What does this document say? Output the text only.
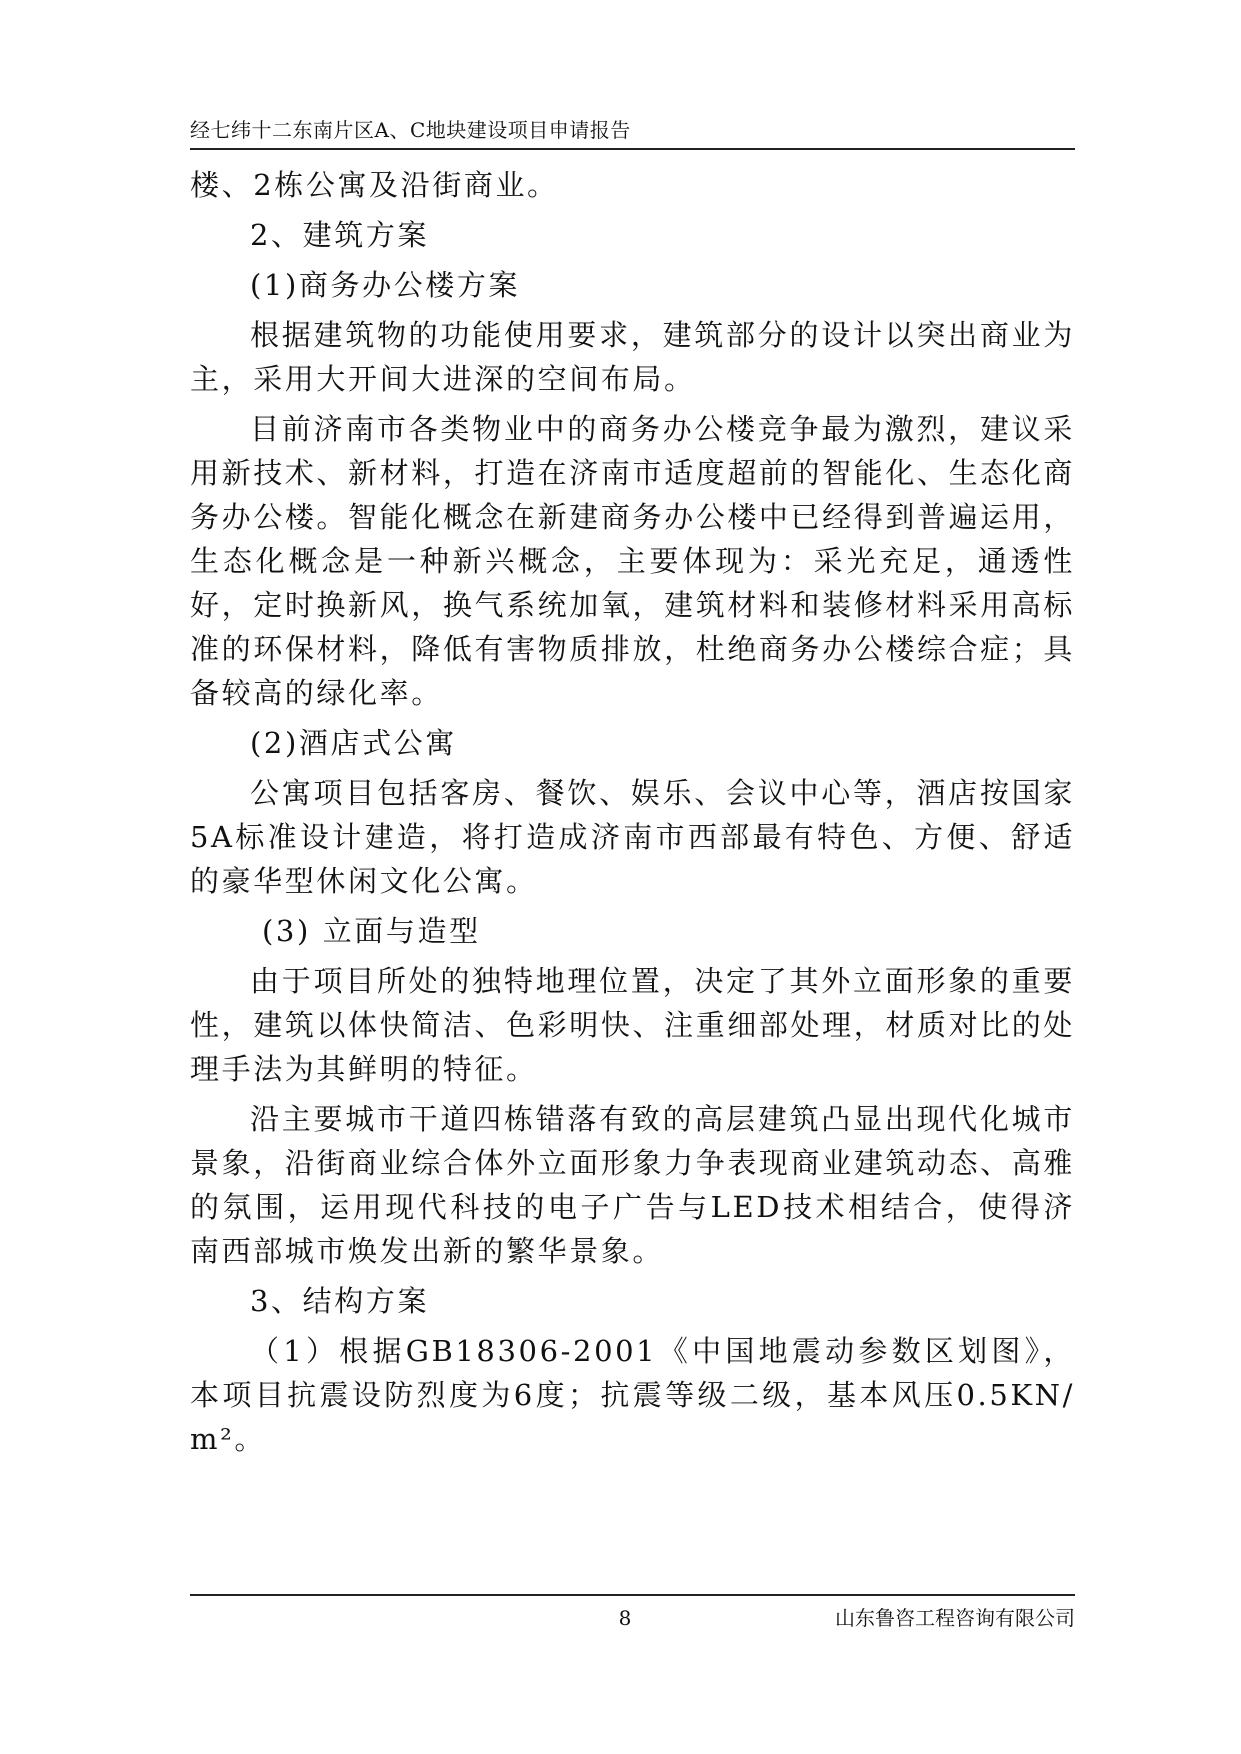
经七纬十二东南片区A、C地块建设项目申请报告

楼、2栋公寓及沿街商业。

2、建筑方案

(1)商务办公楼方案

根据建筑物的功能使用要求，建筑部分的设计以突出商业为主，采用大开间大进深的空间布局。

目前济南市各类物业中的商务办公楼竞争最为激烈，建议采用新技术、新材料，打造在济南市适度超前的智能化、生态化商务办公楼。智能化概念在新建商务办公楼中已经得到普遍运用，生态化概念是一种新兴概念，主要体现为：采光充足，通透性好，定时换新风，换气系统加氧，建筑材料和装修材料采用高标准的环保材料，降低有害物质排放，杜绝商务办公楼综合症；具备较高的绿化率。

(2)酒店式公寓

公寓项目包括客房、餐饮、娱乐、会议中心等，酒店按国家5A标准设计建造，将打造成济南市西部最有特色、方便、舒适的豪华型休闲文化公寓。

(3) 立面与造型

由于项目所处的独特地理位置，决定了其外立面形象的重要性，建筑以体快简洁、色彩明快、注重细部处理，材质对比的处理手法为其鲜明的特征。

沿主要城市干道四栋错落有致的高层建筑凸显出现代化城市景象，沿街商业综合体外立面形象力争表现商业建筑动态、高雅的氛围，运用现代科技的电子广告与LED技术相结合，使得济南西部城市焕发出新的繁华景象。

3、结构方案

（1）根据GB18306-2001《中国地震动参数区划图》，本项目抗震设防烈度为6度；抗震等级二级，基本风压0.5KN/ m²。

8	山东鲁咨工程咨询有限公司
